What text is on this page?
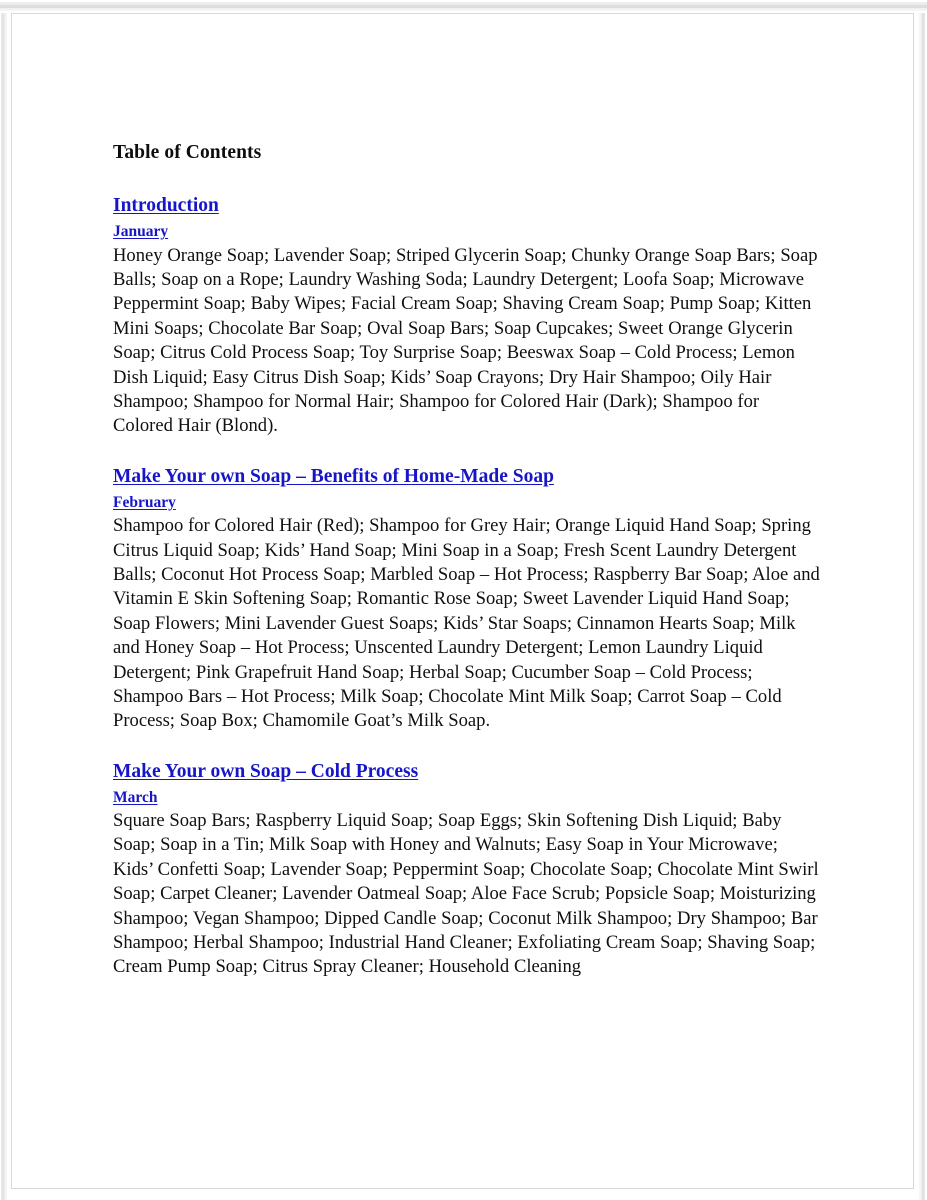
Table of Contents
Introduction
January
Honey Orange Soap; Lavender Soap; Striped Glycerin Soap; Chunky Orange Soap Bars; Soap Balls; Soap on a Rope; Laundry Washing Soda; Laundry Detergent; Loofa Soap; Microwave Peppermint Soap; Baby Wipes; Facial Cream Soap; Shaving Cream Soap; Pump Soap; Kitten Mini Soaps; Chocolate Bar Soap; Oval Soap Bars; Soap Cupcakes; Sweet Orange Glycerin Soap; Citrus Cold Process Soap; Toy Surprise Soap; Beeswax Soap – Cold Process; Lemon Dish Liquid; Easy Citrus Dish Soap; Kids’ Soap Crayons; Dry Hair Shampoo; Oily Hair Shampoo; Shampoo for Normal Hair; Shampoo for Colored Hair (Dark); Shampoo for Colored Hair (Blond).
Make Your own Soap – Benefits of Home-Made Soap
February
Shampoo for Colored Hair (Red); Shampoo for Grey Hair; Orange Liquid Hand Soap; Spring Citrus Liquid Soap; Kids’ Hand Soap; Mini Soap in a Soap; Fresh Scent Laundry Detergent Balls; Coconut Hot Process Soap; Marbled Soap – Hot Process; Raspberry Bar Soap; Aloe and Vitamin E Skin Softening Soap; Romantic Rose Soap; Sweet Lavender Liquid Hand Soap; Soap Flowers; Mini Lavender Guest Soaps; Kids’ Star Soaps; Cinnamon Hearts Soap; Milk and Honey Soap – Hot Process; Unscented Laundry Detergent; Lemon Laundry Liquid Detergent; Pink Grapefruit Hand Soap; Herbal Soap; Cucumber Soap – Cold Process; Shampoo Bars – Hot Process; Milk Soap; Chocolate Mint Milk Soap; Carrot Soap – Cold Process; Soap Box; Chamomile Goat’s Milk Soap.
Make Your own Soap – Cold Process
March
Square Soap Bars; Raspberry Liquid Soap; Soap Eggs; Skin Softening Dish Liquid; Baby Soap; Soap in a Tin; Milk Soap with Honey and Walnuts; Easy Soap in Your Microwave; Kids’ Confetti Soap; Lavender Soap; Peppermint Soap; Chocolate Soap; Chocolate Mint Swirl Soap; Carpet Cleaner; Lavender Oatmeal Soap; Aloe Face Scrub; Popsicle Soap; Moisturizing Shampoo; Vegan Shampoo; Dipped Candle Soap; Coconut Milk Shampoo; Dry Shampoo; Bar Shampoo; Herbal Shampoo; Industrial Hand Cleaner; Exfoliating Cream Soap; Shaving Soap; Cream Pump Soap; Citrus Spray Cleaner; Household Cleaning
